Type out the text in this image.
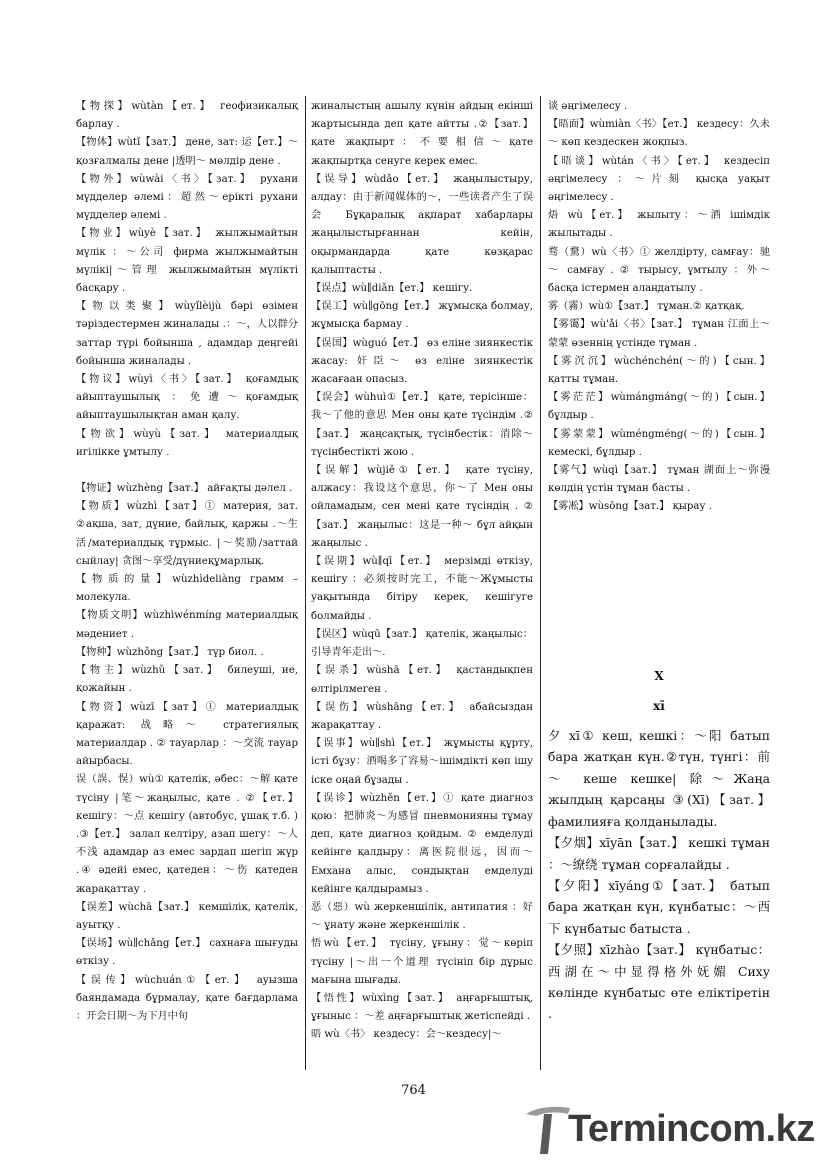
【物探】wùtàn【ет.】 геофизикалық барлау .

【物体】wùtǐ【зат.】 дене, зат: 运【ет.】～ қозғалмалы дене |透明～ мөлдір дене .

【物外】wùwài〈书〉【зат.】 рухани мүдделер әлемі：超然～ерікті рухани мүдделер әлемі .

【物业】wùyè【зат.】 жылжымайтын мүлік ：～公司 фирма жылжымайтын мүлікі|～管理 жылжымайтын мүлікті басқару .

【物以类聚】wùyǐlèijù бәрі өзімен тәріздестермен жиналады .：～，人以群分 заттар түрі бойынша , адамдар деңгейі бойынша жиналады .

【物议】wùyì〈书〉【зат.】 қоғамдық айыптаушылық ：免遭～қоғамдық айыптаушылықтан аман қалу.

【物欲】wùyù【зат.】 материалдық игілікке ұмтылу .

【物证】wùzhèng【зат.】 айғақты дәлел .

【物质】wùzhì【зат】① материя, зат. ②ақша, зат, дүние, байлық, қаржы .～生活/материалдық тұрмыс. |～奖励/заттай сыйлау| 贪图～享受/дүниеқұмарлық.

【物质的量】wùzhìdeliàng грамм – молекула.

【物质文明】wùzhìwénmíng материалдық мәдениет .

【物种】wùzhǒng【зат.】 түр биол. .

【物主】wùzhǔ【зат.】 билеуші, ие, қожайын .

【物资】wùzī【зат】① материалдық қаражат: 战略～ стратегиялық материалдар . ② тауарлар ：～交流 тауар айырбасы.

误（誤、悮）wù① қателік, әбес：～解 қате түсіну |笔～жаңылыс, қате . ②【ет.】 кешігу：～点 кешігу (автобус, ұшақ т.б. ) .③【ет.】 залал келтіру, азап шегу：～人不浅 адамдар аз емес зардап шегіп жүр .④ әдейі емес, қатеден：～伤 қатеден жарақаттау .

【误差】wùchā【зат.】 кемшілік, қателік, ауытқу .

【误场】wù∥chǎng【ет.】 сахнаға шығуды өткізу .

【误传】wùchuán①【ет.】 ауызша баяндамада бұрмалау, қате бағдарлама ：开会日期～为下月中旬

жиналыстың ашылу күнін айдың екінші жартысында деп қате айтты .②【зат.】 қате жақпырт：不要相信～қате жақпыртқа сенуге керек емес.

【误导】wùdǎo【ет.】 жаңылыстыру, алдау：由于新闻媒体的～，一些读者产生了误会 Бұқаралық ақпарат хабарлары жаңылыстырғаннан кейін, оқырмандарда қате көзқарас қалыптасты .

【误点】wù∥diǎn【ет.】 кешігу.

【误工】wù∥gōng【ет.】 жұмысқа болмау, жұмысқа бармау .

【误国】wùguó【ет.】 өз еліне зиянкестік жасау: 奸臣～ өз еліне зиянкестік жасағаан опасыз.

【误会】wùhuì①【ет.】 қате, терісінше：我～了他的意思 Мен оны қате түсіндім .②【зат.】 жаңсақтық, түсінбестік：消除～түсінбестікті жою .

【误解】wùjiě①【ет.】 қате түсіну, алжасу：我设这个意思，你～了 Мен оны ойламадым, сен мені қате түсіндің . ②【зат.】 жаңылыс：这是一种～ бұл айқын жаңылыс .

【误期】wù∥qī【ет.】 мерзімді өткізу, кешігу ：必须按时完工，不能～Жұмысты уақытында бітіру керек, кешігуге болмайды .

【误区】wùqū【зат.】 қателік, жаңылыс：引导青年走出～.

【误杀】wùshā【ет.】 қастандықпен өлтірілмеген .

【误伤】wùshāng【ет.】 абайсыздан жарақаттау .

【误事】wù∥shì【ет.】 жұмысты құрту, істі бұзу：酒喝多了容易～ішімдікті көп ішу іске оңай бұзады .

【误诊】wùzhěn【ет.】① қате диагноз қою：把肺炎～为感冒 пневмонияны тұмау деп, қате диагноз қойдым. ② емделуді кейінге қалдыру：离医院很远，因而～Емхана алыс, сондықтан емделуді кейінге қалдырамыз .

恶（惡）wù жеркеншілік, антипатия ：好～ ұнату және жеркеншілік .

悟wù【ет.】 түсіну, ұғыну：觉～көріп түсіну |～出一个道理 түсініп бір дұрыс мағына шығады.

【悟性】wùxìng【зат.】 аңғарғыштық, ұғыныс ：～差 аңғарғыштық жетіспейді .

晤 wù〈书〉 кездесу：会～кездесу|～

谈 әңгімелесу .

【晤面】wùmiàn〈书〉【ет.】 кездесу：久未～ көп кездескен жоқпыз.

【晤谈】wùtán〈书〉【ет.】 кездесіп әңгімелесу ：～片刻 қысқа уақыт әңгімелесу .

焐 wù【ет.】 жылыту：～酒 ішімдік жылытады .

骛（騖）wù〈书〉① желдірту, самғау：驰～ самғау . ② тырысу, ұмтылу ：外～ басқа істермен алаңдатылу .

雾（霧）wù①【зат.】 тұман.② қатқақ.

【雾霭】wù'ǎi〈书〉【зат.】 тұман 江面上～蒙蒙 өзеннің үстінде тұман .

【雾沉沉】wùchénchén(～的)【сын.】 қатты тұман.

【雾茫茫】wùmángmáng(～的)【сын.】 бұлдыр .

【雾蒙蒙】wùméngméng(～的)【сын.】 кемескі, бұлдыр .

【雾气】wùqì【зат.】 тұман 湖面上～弥漫 көлдің үстін тұман басты .

【雾凇】wùsōng【зат.】 қырау .

X

xī

夕 xī① кеш, кешкі：～阳 батып бара жатқан күн.②түн, түнгі：前～ кеше кешке| 除～Жаңа жылдың қарсаңы ③(Xī)【зат.】 фамилияға қолданылады.

【夕烟】xīyān【зат.】 кешкі тұман ：～缭绕 тұман сорғалайды .

【夕阳】xīyáng①【зат.】 батып бара жатқан күн, күнбатыс：～西下 күнбатыс батыста .

【夕照】xīzhào【зат.】 күнбатыс：西湖在～中显得格外妩媚 Сиху көлінде күнбатыс өте еліктіретін .

764
Termincom.kz
